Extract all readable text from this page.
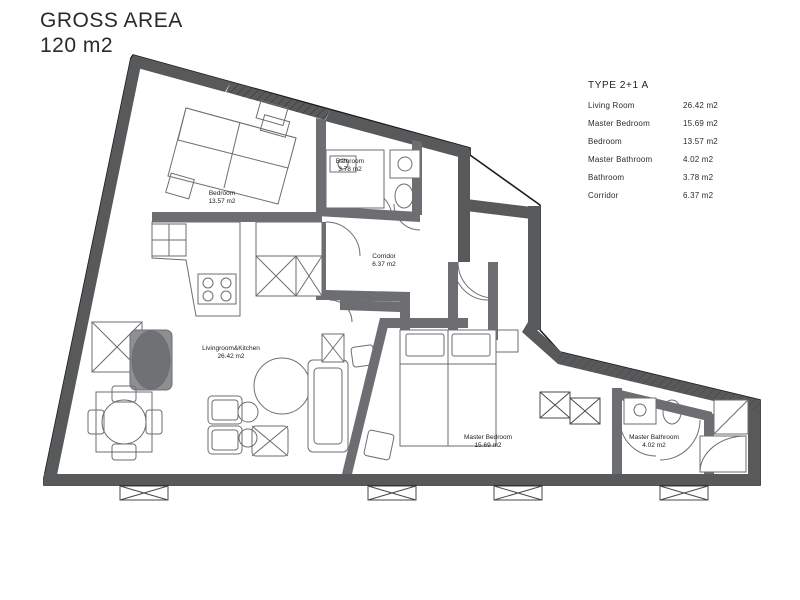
GROSS AREA
120 m2
Bedroom
13.57 m2
Bathroom
3.78 m2
Corridor
6.37 m2
Livingroom&Kitchen
26.42 m2
Master Bedroom
15.69 m2
Master Bathroom
4.02 m2
TYPE 2+1 A
Living Room	26.42 m2
Master Bedroom	15.69 m2
Bedroom	13.57 m2
Master Bathroom	4.02 m2
Bathroom	3.78 m2
Corridor	6.37 m2
